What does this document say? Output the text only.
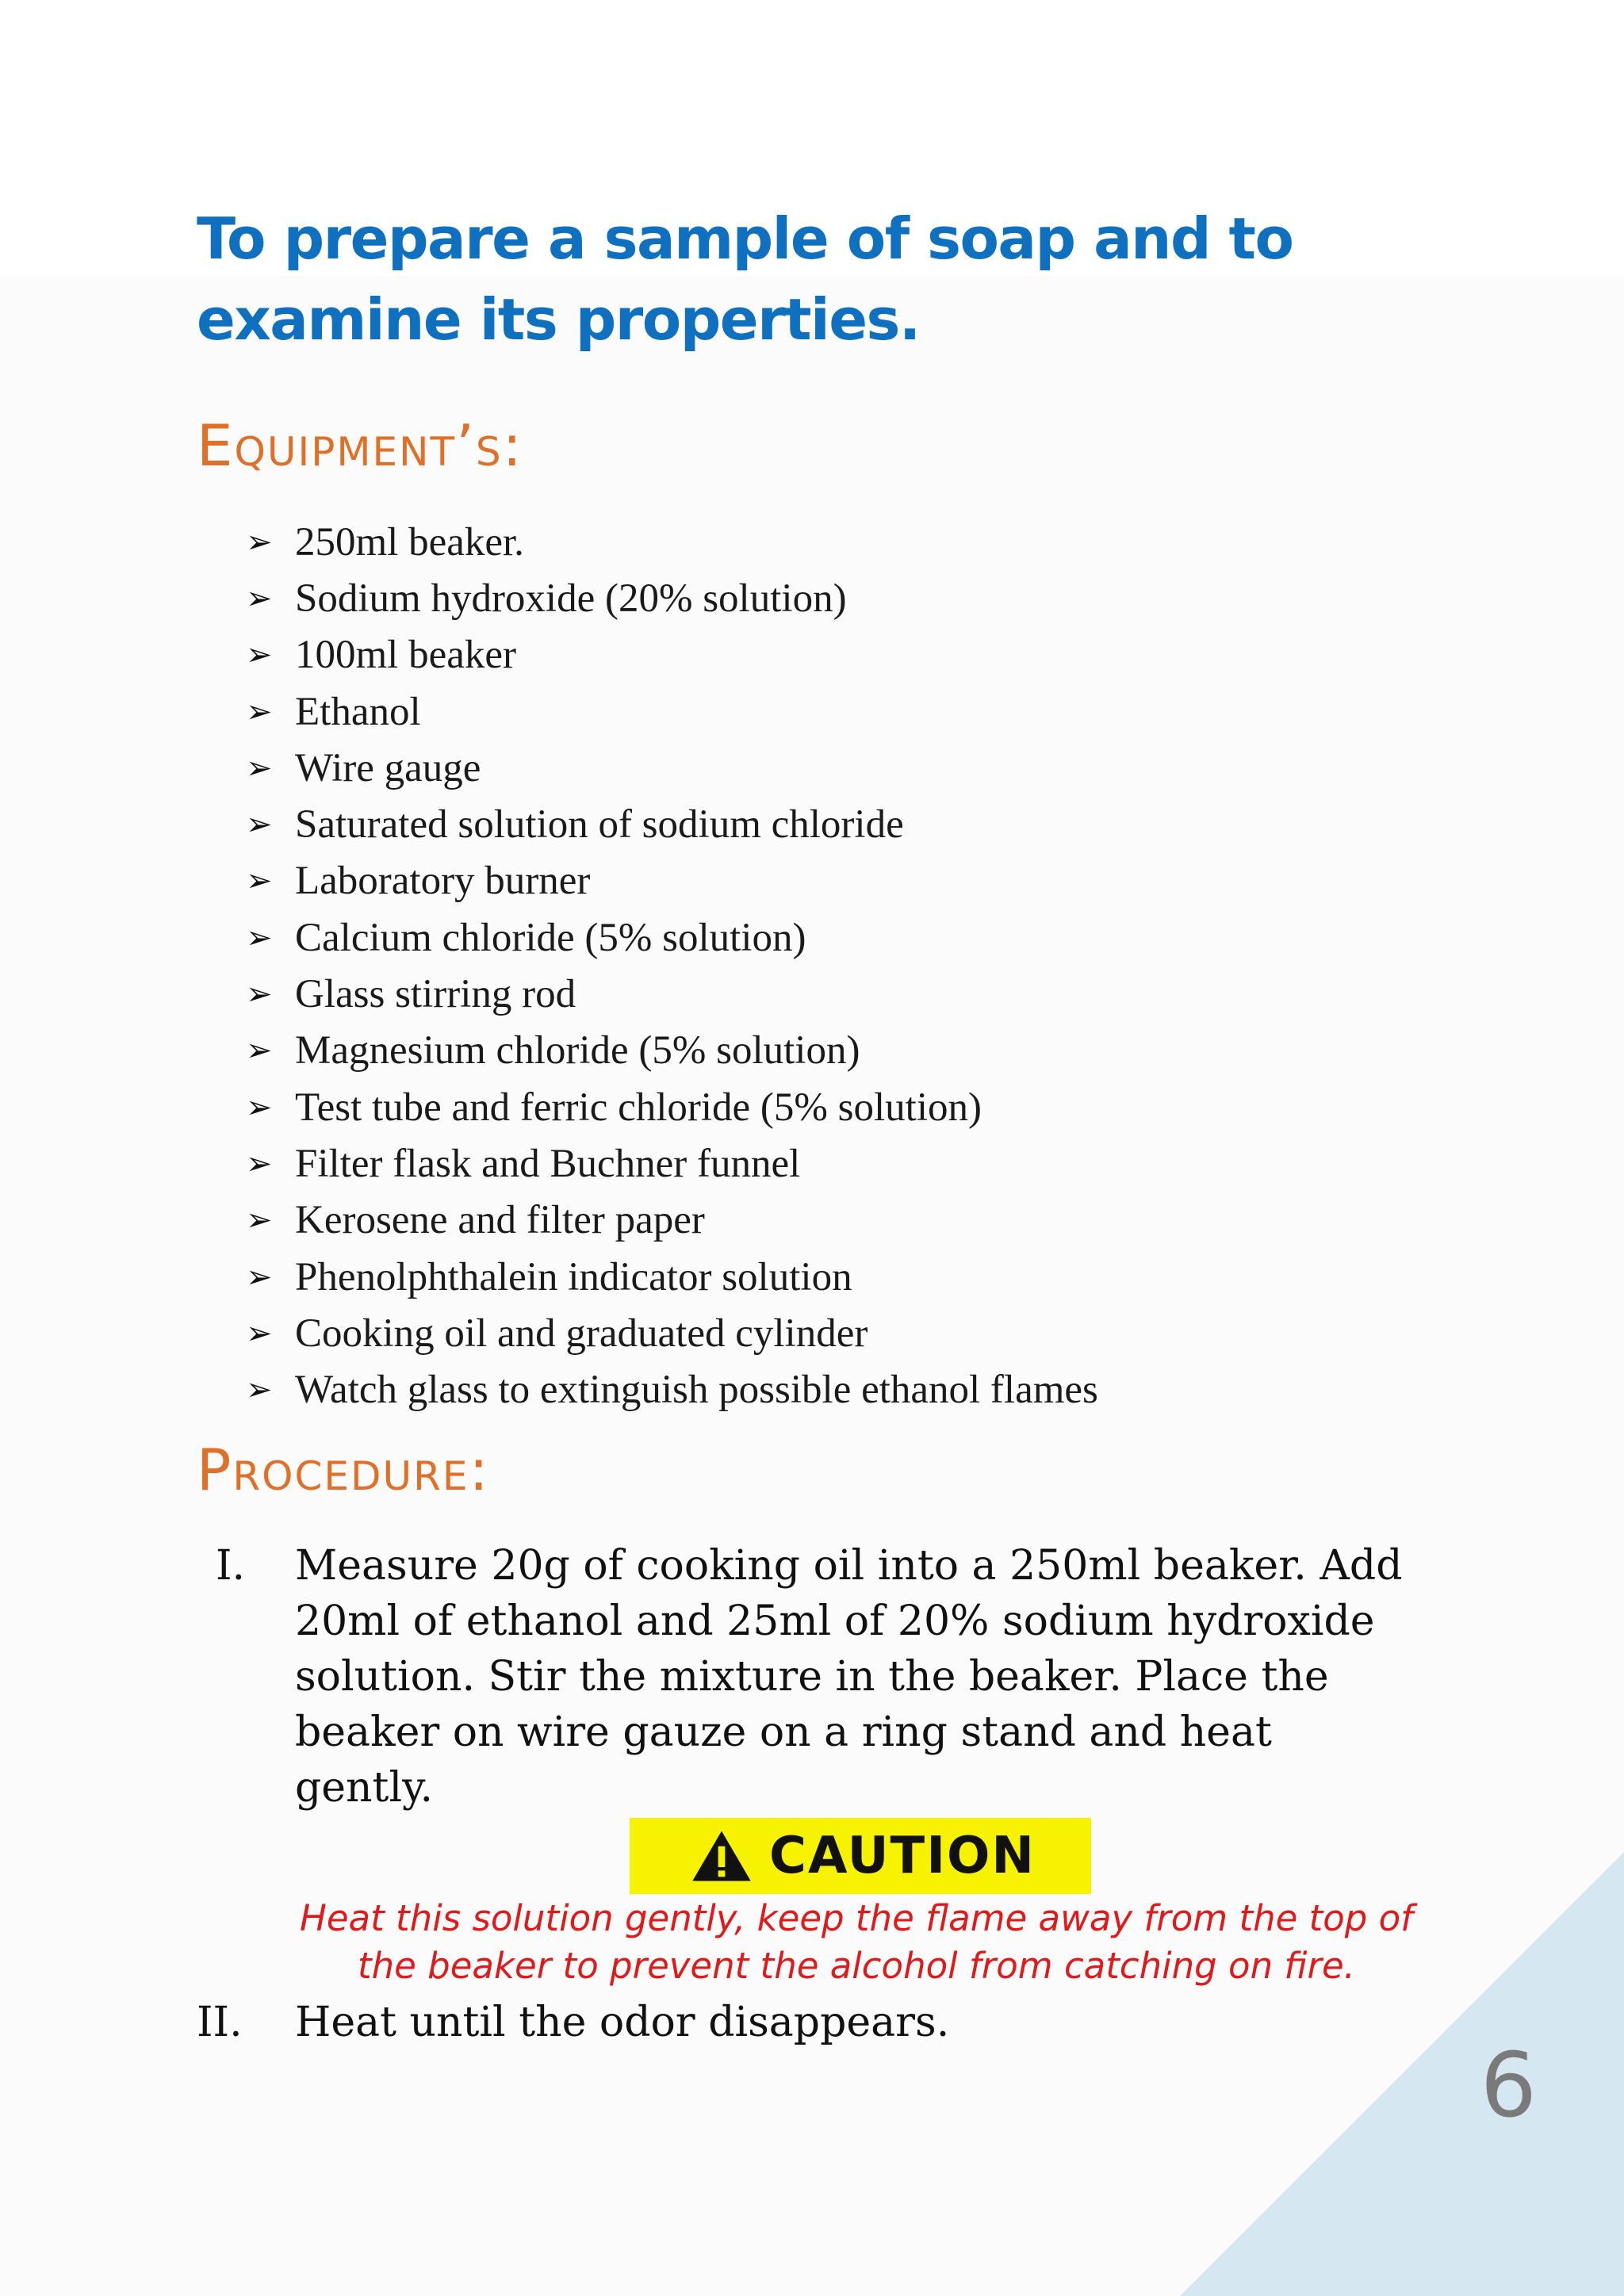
To prepare a sample of soap and to examine its properties.
Equipment’s:
➢ 250ml beaker.
➢ Sodium hydroxide (20% solution)
➢ 100ml beaker
➢ Ethanol
➢ Wire gauge
➢ Saturated solution of sodium chloride
➢ Laboratory burner
➢ Calcium chloride (5% solution)
➢ Glass stirring rod
➢ Magnesium chloride (5% solution)
➢ Test tube and ferric chloride (5% solution)
➢ Filter flask and Buchner funnel
➢ Kerosene and filter paper
➢ Phenolphthalein indicator solution
➢ Cooking oil and graduated cylinder
➢ Watch glass to extinguish possible ethanol flames
Procedure:
I.	Measure 20g of cooking oil into a 250ml beaker. Add 20ml of ethanol and 25ml of 20% sodium hydroxide solution. Stir the mixture in the beaker. Place the beaker on wire gauze on a ring stand and heat gently.
CAUTION
Heat this solution gently, keep the flame away from the top of the beaker to prevent the alcohol from catching on fire.
II.	Heat until the odor disappears.
6
